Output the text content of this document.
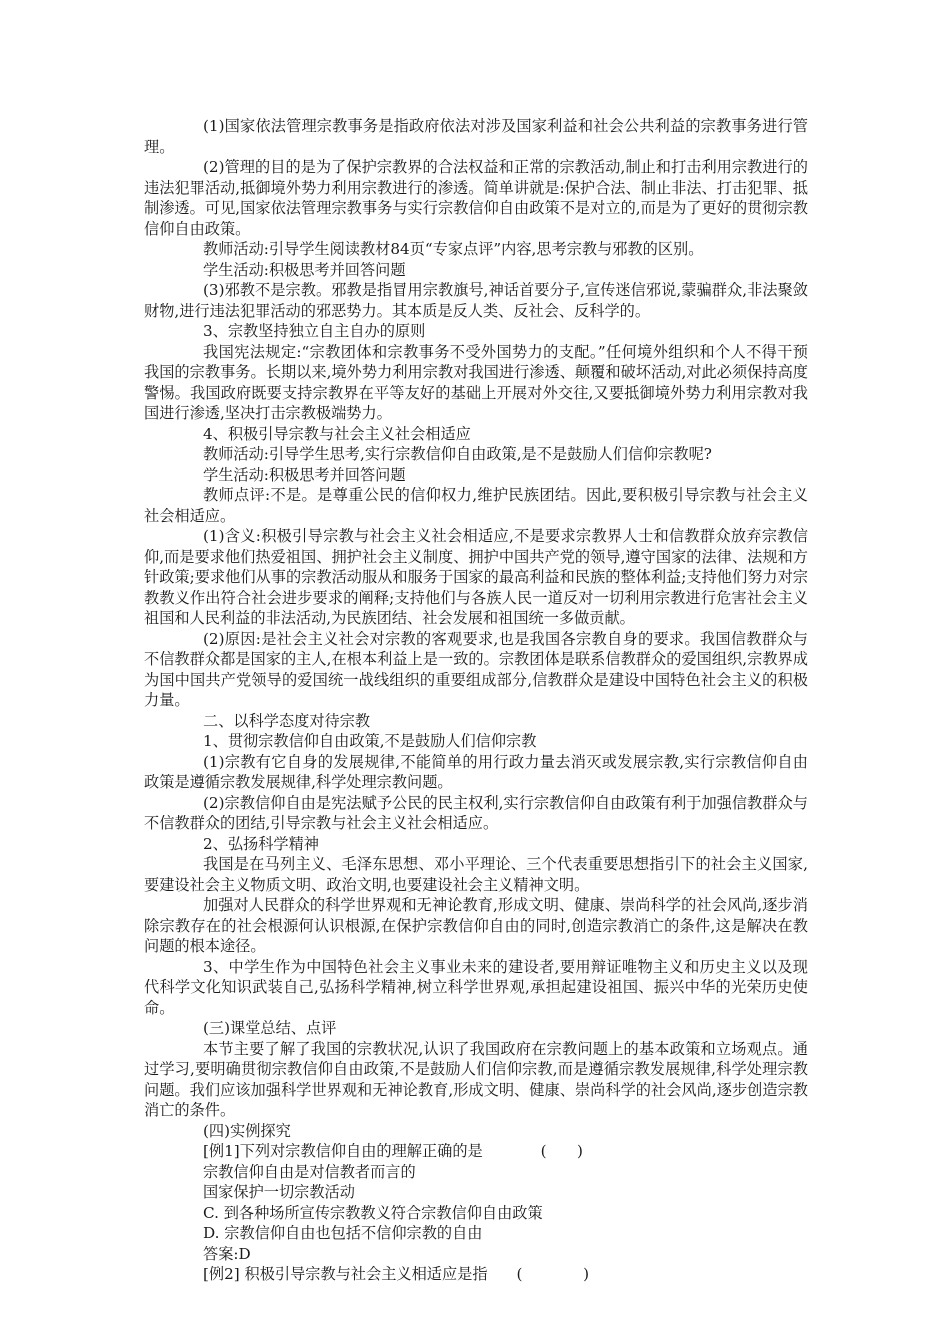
(1)国家依法管理宗教事务是指政府依法对涉及国家利益和社会公共利益的宗教事务进行管理。

(2)管理的目的是为了保护宗教界的合法权益和正常的宗教活动,制止和打击利用宗教进行的违法犯罪活动,抵御境外势力利用宗教进行的渗透。简单讲就是:保护合法、制止非法、打击犯罪、抵制渗透。可见,国家依法管理宗教事务与实行宗教信仰自由政策不是对立的,而是为了更好的贯彻宗教信仰自由政策。

教师活动:引导学生阅读教材84页“专家点评”内容,思考宗教与邪教的区别。

学生活动:积极思考并回答问题

(3)邪教不是宗教。邪教是指冒用宗教旗号,神话首要分子,宣传迷信邪说,蒙骗群众,非法聚敛财物,进行违法犯罪活动的邪恶势力。其本质是反人类、反社会、反科学的。

3、宗教坚持独立自主自办的原则

我国宪法规定:“宗教团体和宗教事务不受外国势力的支配。”任何境外组织和个人不得干预我国的宗教事务。长期以来,境外势力利用宗教对我国进行渗透、颠覆和破坏活动,对此必须保持高度警惕。我国政府既要支持宗教界在平等友好的基础上开展对外交往,又要抵御境外势力利用宗教对我国进行渗透,坚决打击宗教极端势力。

4、积极引导宗教与社会主义社会相适应

教师活动:引导学生思考,实行宗教信仰自由政策,是不是鼓励人们信仰宗教呢?

学生活动:积极思考并回答问题

教师点评:不是。是尊重公民的信仰权力,维护民族团结。因此,要积极引导宗教与社会主义社会相适应。

(1)含义:积极引导宗教与社会主义社会相适应,不是要求宗教界人士和信教群众放弃宗教信仰,而是要求他们热爱祖国、拥护社会主义制度、拥护中国共产党的领导,遵守国家的法律、法规和方针政策;要求他们从事的宗教活动服从和服务于国家的最高利益和民族的整体利益;支持他们努力对宗教教义作出符合社会进步要求的阐释;支持他们与各族人民一道反对一切利用宗教进行危害社会主义祖国和人民利益的非法活动,为民族团结、社会发展和祖国统一多做贡献。

(2)原因:是社会主义社会对宗教的客观要求,也是我国各宗教自身的要求。我国信教群众与不信教群众都是国家的主人,在根本利益上是一致的。宗教团体是联系信教群众的爱国组织,宗教界成为国中国共产党领导的爱国统一战线组织的重要组成部分,信教群众是建设中国特色社会主义的积极力量。

二、以科学态度对待宗教

1、贯彻宗教信仰自由政策,不是鼓励人们信仰宗教

(1)宗教有它自身的发展规律,不能简单的用行政力量去消灭或发展宗教,实行宗教信仰自由政策是遵循宗教发展规律,科学处理宗教问题。

(2)宗教信仰自由是宪法赋予公民的民主权利,实行宗教信仰自由政策有利于加强信教群众与不信教群众的团结,引导宗教与社会主义社会相适应。

2、弘扬科学精神

我国是在马列主义、毛泽东思想、邓小平理论、三个代表重要思想指引下的社会主义国家,要建设社会主义物质文明、政治文明,也要建设社会主义精神文明。

加强对人民群众的科学世界观和无神论教育,形成文明、健康、崇尚科学的社会风尚,逐步消除宗教存在的社会根源何认识根源,在保护宗教信仰自由的同时,创造宗教消亡的条件,这是解决在教问题的根本途径。

3、中学生作为中国特色社会主义事业未来的建设者,要用辩证唯物主义和历史主义以及现代科学文化知识武装自己,弘扬科学精神,树立科学世界观,承担起建设祖国、振兴中华的光荣历史使命。

(三)课堂总结、点评

本节主要了解了我国的宗教状况,认识了我国政府在宗教问题上的基本政策和立场观点。通过学习,要明确贯彻宗教信仰自由政策,不是鼓励人们信仰宗教,而是遵循宗教发展规律,科学处理宗教问题。我们应该加强科学世界观和无神论教育,形成文明、健康、崇尚科学的社会风尚,逐步创造宗教消亡的条件。

(四)实例探究

[例1]下列对宗教信仰自由的理解正确的是	(　　)

宗教信仰自由是对信教者而言的

国家保护一切宗教活动

C. 到各种场所宣传宗教教义符合宗教信仰自由政策

D. 宗教信仰自由也包括不信仰宗教的自由

答案:D

[例2] 积极引导宗教与社会主义相适应是指 (　　　　)
